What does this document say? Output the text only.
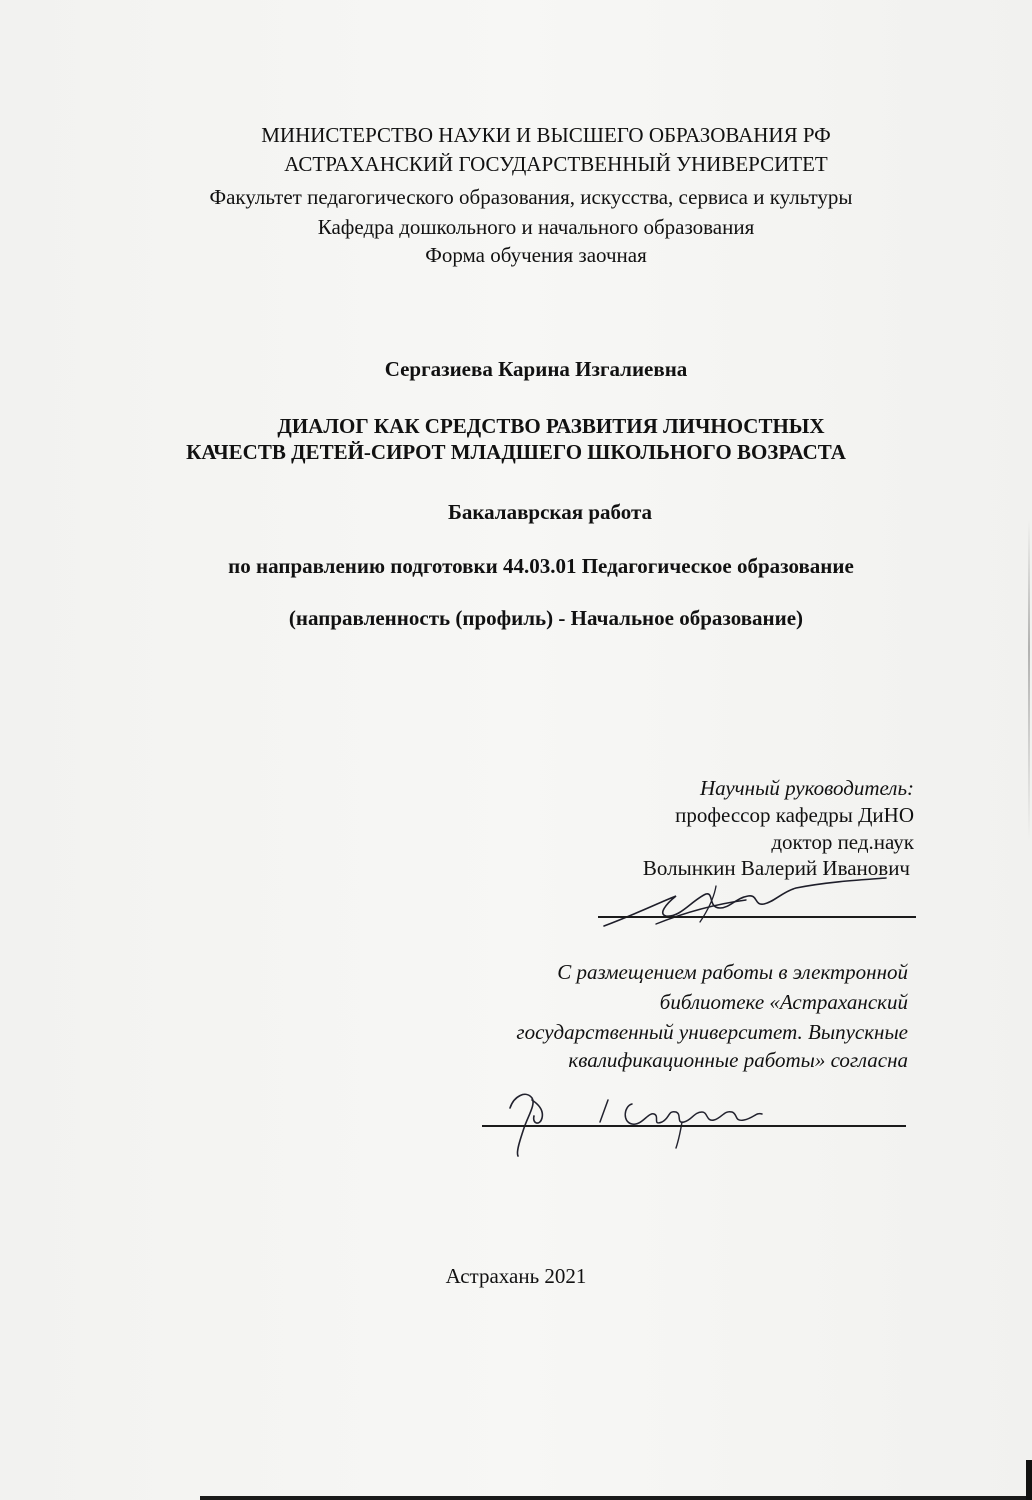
МИНИСТЕРСТВО НАУКИ И ВЫСШЕГО ОБРАЗОВАНИЯ РФ
АСТРАХАНСКИЙ ГОСУДАРСТВЕННЫЙ УНИВЕРСИТЕТ
Факультет педагогического образования, искусства, сервиса и культуры
Кафедра дошкольного и начального образования
Форма обучения заочная
Сергазиева Карина Изгалиевна
ДИАЛОГ КАК СРЕДСТВО РАЗВИТИЯ ЛИЧНОСТНЫХ
КАЧЕСТВ ДЕТЕЙ-СИРОТ МЛАДШЕГО ШКОЛЬНОГО ВОЗРАСТА
Бакалаврская работа
по направлению подготовки 44.03.01 Педагогическое образование
(направленность (профиль) - Начальное образование)
Научный руководитель:
профессор кафедры ДиНО
доктор пед.наук
Волынкин Валерий Иванович
С размещением работы в электронной
библиотеке «Астраханский
государственный университет. Выпускные
квалификационные работы» согласна
Астрахань 2021
